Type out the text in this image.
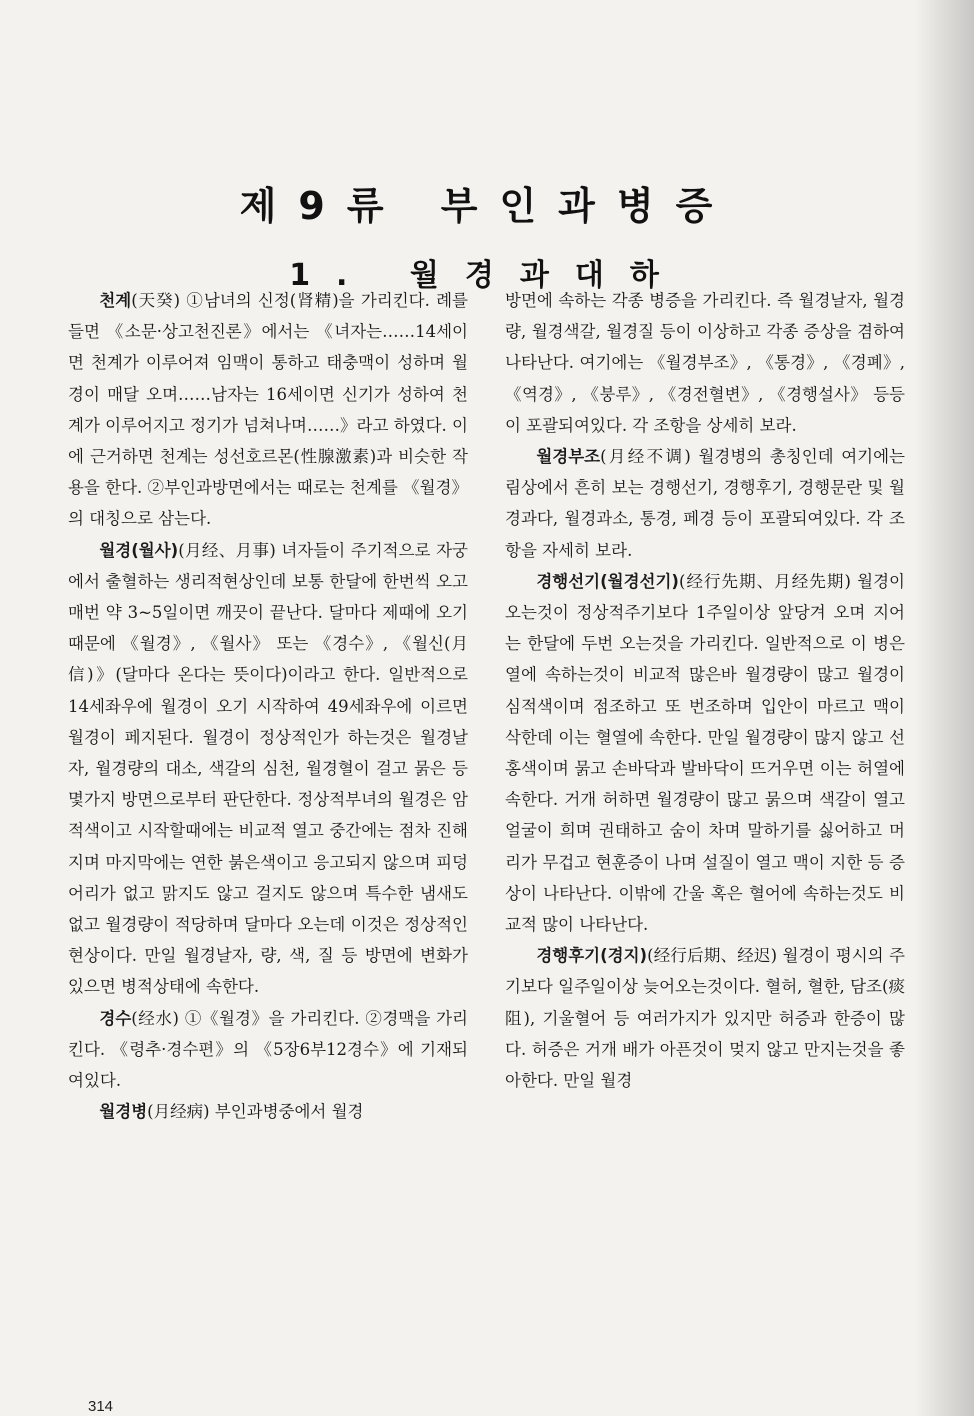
제9류 부인과병증
1. 월경과대하

천계(天癸) ①남녀의 신정(肾精)을 가리킨다. 례를 들면 《소문·상고천진론》에서는 《녀자는……14세이면 천계가 이루어져 임맥이 통하고 태충맥이 성하며 월경이 매달 오며……남자는 16세이면 신기가 성하여 천계가 이루어지고 정기가 넘쳐나며……》라고 하였다. 이에 근거하면 천계는 성선호르몬(性腺激素)과 비슷한 작용을 한다. ②부인과방면에서는 때로는 천계를 《월경》의 대칭으로 삼는다.

월경(월사)(月经、月事) 녀자들이 주기적으로 자궁에서 출혈하는 생리적현상인데 보통 한달에 한번씩 오고 매번 약 3~5일이면 깨끗이 끝난다. 달마다 제때에 오기때문에 《월경》, 《월사》 또는 《경수》, 《월신(月信)》(달마다 온다는 뜻이다)이라고 한다. 일반적으로 14세좌우에 월경이 오기 시작하여 49세좌우에 이르면 월경이 페지된다. 월경이 정상적인가 하는것은 월경날자, 월경량의 대소, 색갈의 심천, 월경혈이 걸고 묽은 등 몇가지 방면으로부터 판단한다. 정상적부녀의 월경은 암적색이고 시작할때에는 비교적 열고 중간에는 점차 진해지며 마지막에는 연한 붉은색이고 응고되지 않으며 피덩어리가 없고 맑지도 않고 걸지도 않으며 특수한 냄새도 없고 월경량이 적당하며 달마다 오는데 이것은 정상적인 현상이다. 만일 월경날자, 량, 색, 질 등 방면에 변화가 있으면 병적상태에 속한다.

경수(经水) ①《월경》을 가리킨다. ②경맥을 가리킨다. 《령추·경수편》의 《5장6부12경수》에 기재되여있다.

월경병(月经病) 부인과병중에서 월경

방면에 속하는 각종 병증을 가리킨다. 즉 월경날자, 월경량, 월경색갈, 월경질 등이 이상하고 각종 증상을 겸하여 나타난다. 여기에는 《월경부조》, 《통경》, 《경폐》, 《역경》, 《붕루》, 《경전혈변》, 《경행설사》 등등이 포괄되여있다. 각 조항을 상세히 보라.

월경부조(月经不调) 월경병의 총칭인데 여기에는 림상에서 흔히 보는 경행선기, 경행후기, 경행문란 및 월경과다, 월경과소, 통경, 페경 등이 포괄되여있다. 각 조항을 자세히 보라.

경행선기(월경선기)(经行先期、月经先期) 월경이 오는것이 정상적주기보다 1주일이상 앞당겨 오며 지어는 한달에 두번 오는것을 가리킨다. 일반적으로 이 병은 열에 속하는것이 비교적 많은바 월경량이 많고 월경이 심적색이며 점조하고 또 번조하며 입안이 마르고 맥이 삭한데 이는 혈열에 속한다. 만일 월경량이 많지 않고 선홍색이며 묽고 손바닥과 발바닥이 뜨거우면 이는 허열에 속한다. 거개 허하면 월경량이 많고 묽으며 색갈이 열고 얼굴이 희며 권태하고 숨이 차며 말하기를 싫어하고 머리가 무겁고 현훈증이 나며 설질이 열고 맥이 지한 등 증상이 나타난다. 이밖에 간울 혹은 혈어에 속하는것도 비교적 많이 나타난다.

경행후기(경지)(经行后期、经迟) 월경이 평시의 주기보다 일주일이상 늦어오는것이다. 혈허, 혈한, 담조(痰阻), 기울혈어 등 여러가지가 있지만 허증과 한증이 많다. 허증은 거개 배가 아픈것이 멎지 않고 만지는것을 좋아한다. 만일 월경

314
